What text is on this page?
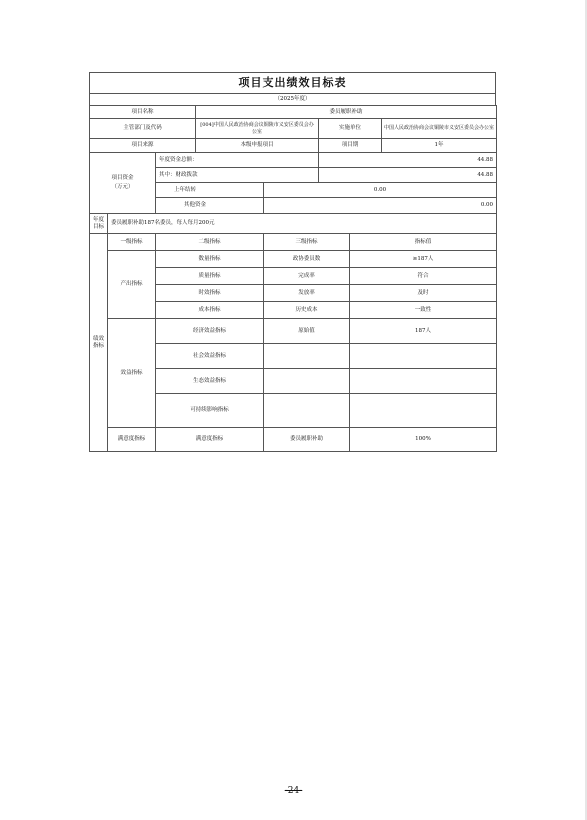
项目支出绩效目标表
（2025年度）
项目名称			委员履职补助				
主管部门及代码			[004]中国人民政治协商会议铜陵市义安区委员会办公室		实施单位		中国人民政治协商会议铜陵市义安区委员会办公室
项目来源			本级申报项目		项目期		1年
项目资金
（万元）		年度资金总额：			44.88		
		其中：财政拨款			44.88		
		上年结转		0.00			
		其他资金		0.00			
年度目标	委员履职补助187名委员，每人每月200元						
绩效指标	一级指标	二级指标		三级指标		指标值	
	产出指标	数量指标		政协委员数		≥187人	
		质量指标		完成率		符合	
		时效指标		发放率		及时	
		成本指标		历史成本		一致性	
	效益指标	经济效益指标		原始值		187人	
		社会效益指标					
		生态效益指标					
		可持续影响指标					
	满意度指标	满意度指标		委员履职补助		100%	
-24-
